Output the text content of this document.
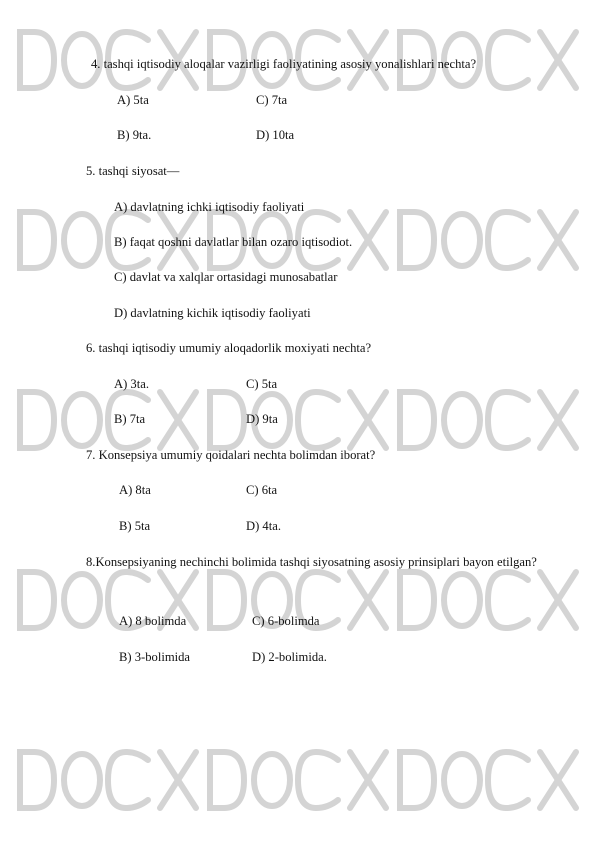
4. tashqi iqtisodiy aloqalar vazirligi faoliyatining asosiy yonalishlari nechta?
A) 5ta	C) 7ta
B) 9ta.	D) 10ta
5. tashqi siyosat—
A) davlatning ichki iqtisodiy faoliyati
B) faqat qoshni davlatlar bilan ozaro iqtisodiot.
C) davlat va xalqlar ortasidagi munosabatlar
D) davlatning kichik iqtisodiy faoliyati
6. tashqi iqtisodiy umumiy aloqadorlik moxiyati nechta?
A) 3ta.	C) 5ta
B) 7ta	D) 9ta
7. Konsepsiya umumiy qoidalari nechta bolimdan iborat?
A) 8ta	C) 6ta
B) 5ta	D) 4ta.
8.Konsepsiyaning nechinchi bolimida tashqi siyosatning asosiy prinsiplari bayon etilgan?
A) 8 bolimda	C) 6-bolimda
B) 3-bolimida	D) 2-bolimida.
